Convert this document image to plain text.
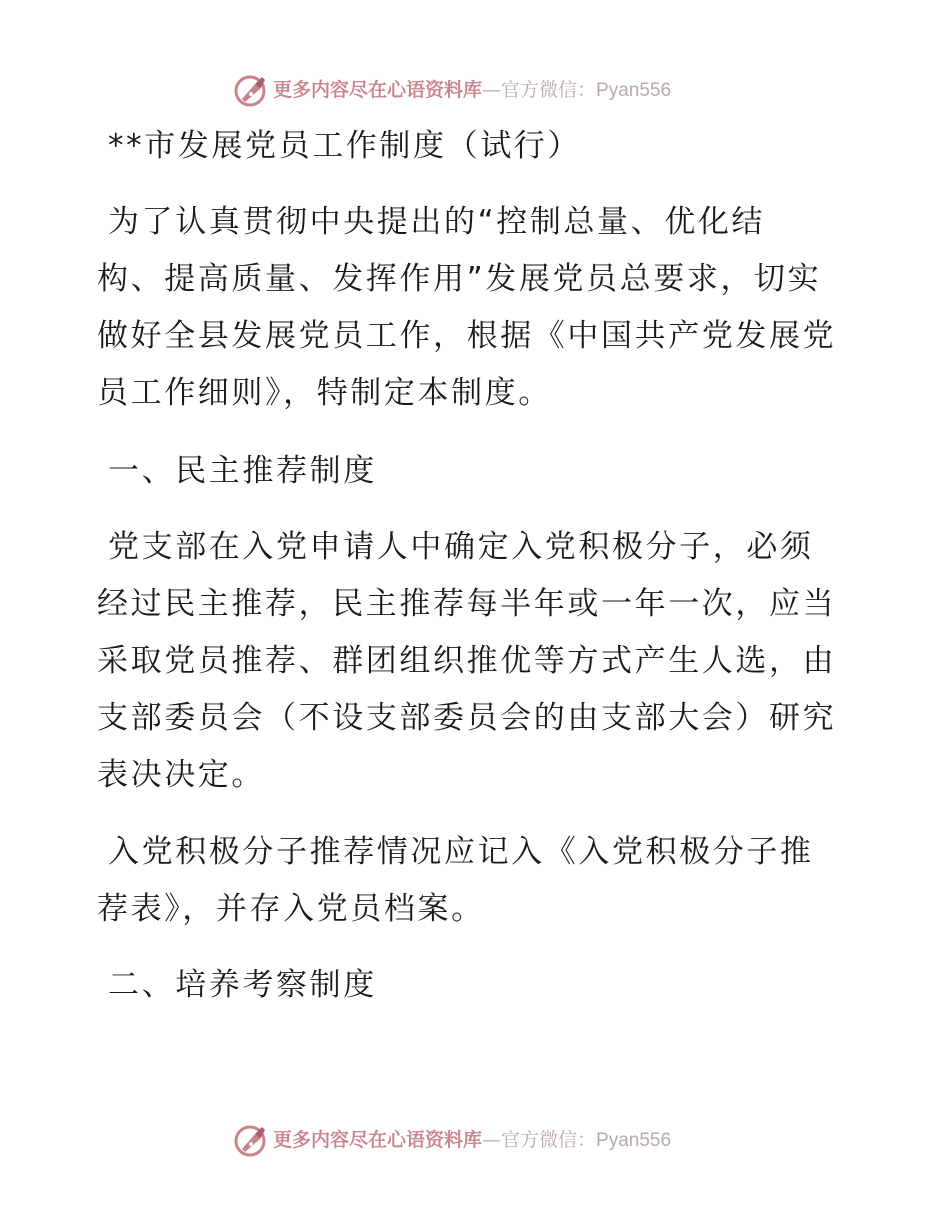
更多内容尽在心语资料库—官方微信：Pyan556
**市发展党员工作制度（试行）
为了认真贯彻中央提出的“控制总量、优化结
构、提高质量、发挥作用”发展党员总要求，切实
做好全县发展党员工作，根据《中国共产党发展党
员工作细则》，特制定本制度。
一、民主推荐制度
党支部在入党申请人中确定入党积极分子，必须
经过民主推荐，民主推荐每半年或一年一次，应当
采取党员推荐、群团组织推优等方式产生人选，由
支部委员会（不设支部委员会的由支部大会）研究
表决决定。
入党积极分子推荐情况应记入《入党积极分子推
荐表》，并存入党员档案。
二、培养考察制度
更多内容尽在心语资料库—官方微信：Pyan556
